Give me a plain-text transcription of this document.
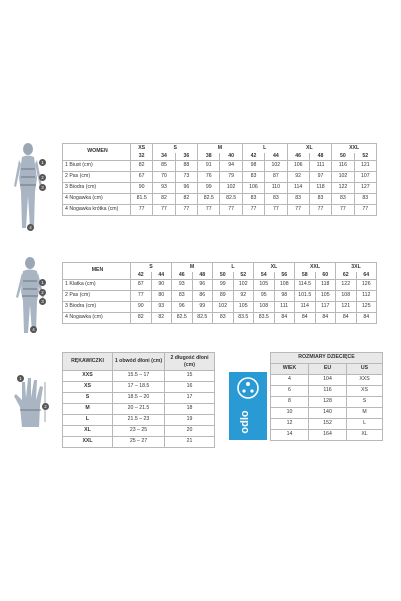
1
2
3
4
WOMEN	XS	S		M		L		XL		XXL	
	32	34	36	38	40	42	44	46	48	50	52
1 Biust (cm)	82	85	88	91	94	98	102	106	111	116	121
2 Pas (cm)	67	70	73	76	79	83	87	92	97	102	107
3 Biodra (cm)	90	93	96	99	102	106	110	114	118	122	127
4 Nogawka (cm)	81.5	82	82	82.5	82.5	83	83	83	83	83	83
4 Nogawka krótka (cm)	77	77	77	77	77	77	77	77	77	77	77
1
2
3
4
MEN	S		M		L		XL		XXL		3XL	
	42	44	46	48	50	52	54	56	58	60	62	64
1 Klatka (cm)	87	90	93	96	99	102	105	108	114.5	118	122	126
2 Pas (cm)	77	80	83	86	89	92	95	98	101.5	105	108	112
3 Biodra (cm)	90	93	96	99	102	105	108	111	114	117	121	125
4 Nogawka (cm)	82	82	82.5	82.5	83	83.5	83.5	84	84	84	84	84
1
2
RĘKAWICZKI	1 obwód dłoni (cm)	2 długość dłoni (cm)
XXS	15.5 – 17	15
XS	17 – 18.5	16
S	18.5 – 20	17
M	20 – 21.5	18
L	21.5 – 23	19
XL	23 – 25	20
XXL	25 – 27	21
odlo
ROZMIARY DZIECIĘCE		
WIEK	EU	US
4	104	XXS
6	116	XS
8	128	S
10	140	M
12	152	L
14	164	XL
